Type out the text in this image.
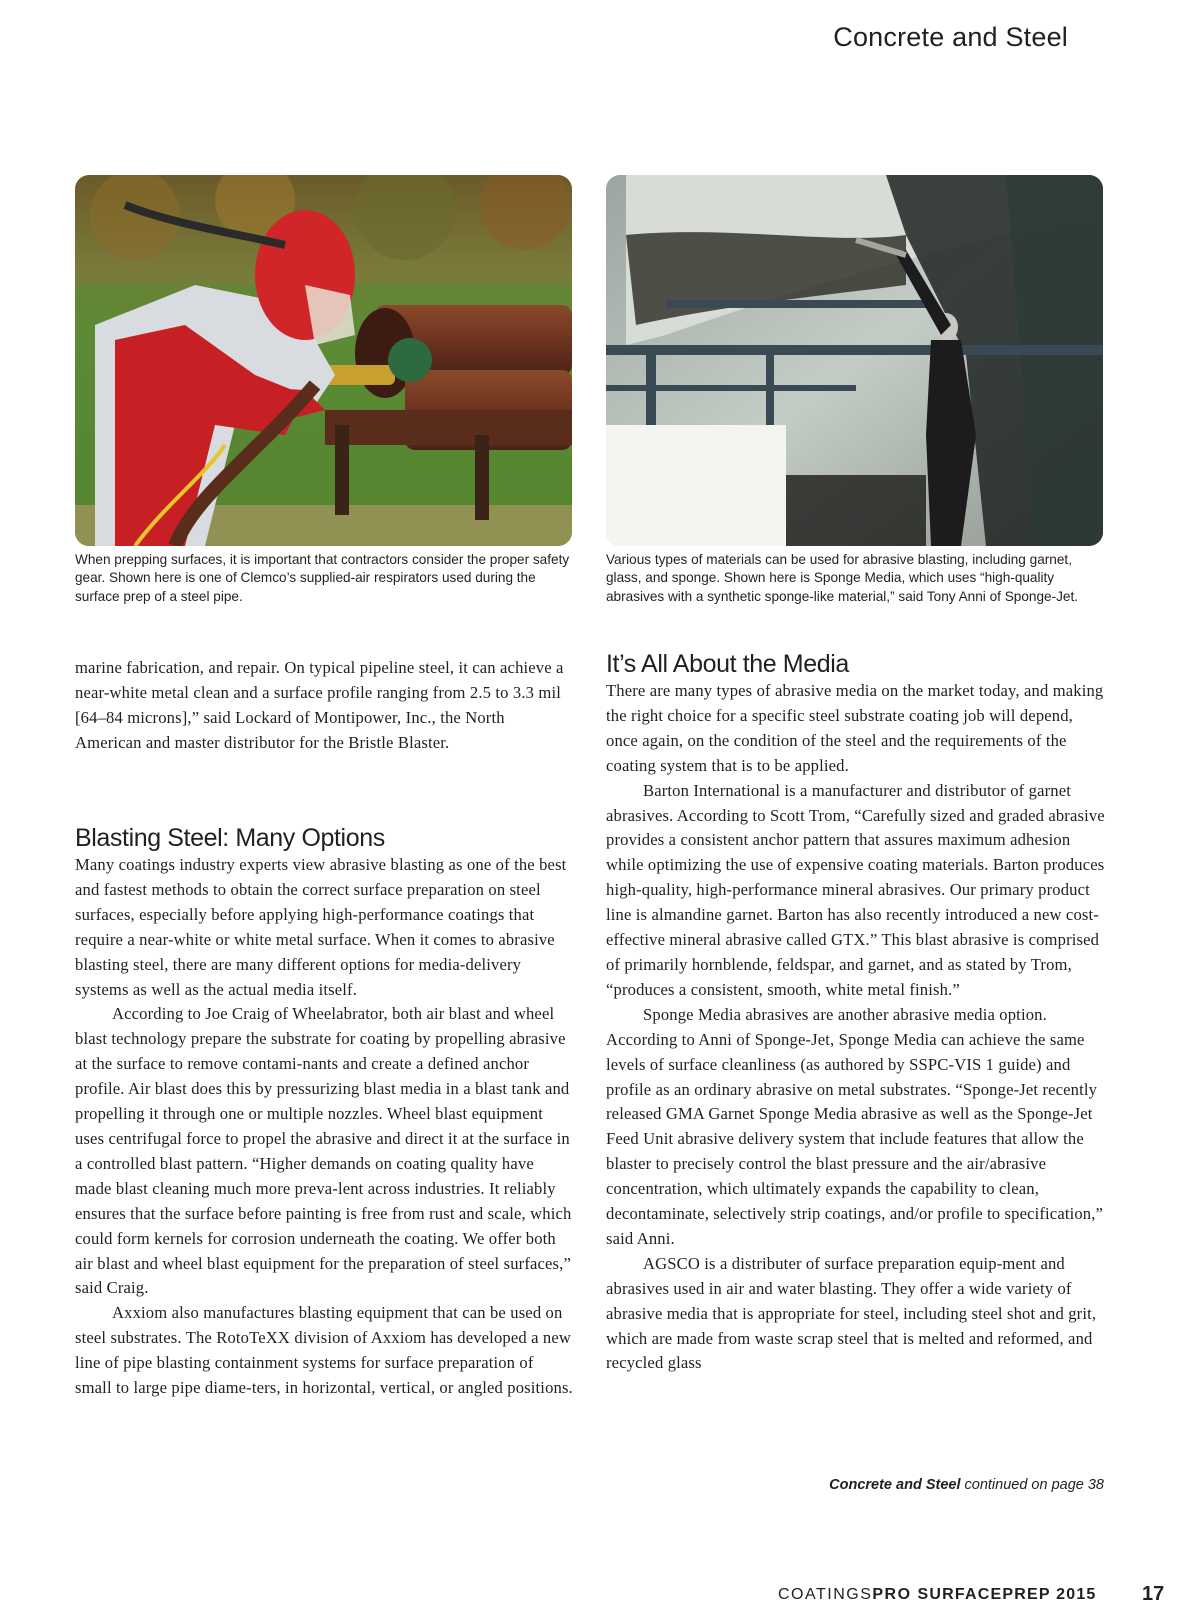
Concrete and Steel
When prepping surfaces, it is important that contractors consider the proper safety gear. Shown here is one of Clemco’s supplied-air respirators used during the surface prep of a steel pipe.
Various types of materials can be used for abrasive blasting, including garnet, glass, and sponge. Shown here is Sponge Media, which uses “high-quality abrasives with a synthetic sponge-like material,” said Tony Anni of Sponge-Jet.

marine fabrication, and repair. On typical pipeline steel, it can achieve a near-white metal clean and a surface profile ranging from 2.5 to 3.3 mil [64–84 microns],” said Lockard of Montipower, Inc., the North American and master distributor for the Bristle Blaster.

Blasting Steel: Many Options

Many coatings industry experts view abrasive blasting as one of the best and fastest methods to obtain the correct surface preparation on steel surfaces, especially before applying high-performance coatings that require a near-white or white metal surface. When it comes to abrasive blasting steel, there are many different options for media-delivery systems as well as the actual media itself.

According to Joe Craig of Wheelabrator, both air blast and wheel blast technology prepare the substrate for coating by propelling abrasive at the surface to remove contami-nants and create a defined anchor profile. Air blast does this by pressurizing blast media in a blast tank and propelling it through one or multiple nozzles. Wheel blast equipment uses centrifugal force to propel the abrasive and direct it at the surface in a controlled blast pattern. “Higher demands on coating quality have made blast cleaning much more preva-lent across industries. It reliably ensures that the surface before painting is free from rust and scale, which could form kernels for corrosion underneath the coating. We offer both air blast and wheel blast equipment for the preparation of steel surfaces,” said Craig.

Axxiom also manufactures blasting equipment that can be used on steel substrates. The RotoTeXX division of Axxiom has developed a new line of pipe blasting containment systems for surface preparation of small to large pipe diame-ters, in horizontal, vertical, or angled positions.

It’s All About the Media

There are many types of abrasive media on the market today, and making the right choice for a specific steel substrate coating job will depend, once again, on the condition of the steel and the requirements of the coating system that is to be applied.

Barton International is a manufacturer and distributor of garnet abrasives. According to Scott Trom, “Carefully sized and graded abrasive provides a consistent anchor pattern that assures maximum adhesion while optimizing the use of expensive coating materials. Barton produces high-quality, high-performance mineral abrasives. Our primary product line is almandine garnet. Barton has also recently introduced a new cost-effective mineral abrasive called GTX.” This blast abrasive is comprised of primarily hornblende, feldspar, and garnet, and as stated by Trom, “produces a consistent, smooth, white metal finish.”

Sponge Media abrasives are another abrasive media option. According to Anni of Sponge-Jet, Sponge Media can achieve the same levels of surface cleanliness (as authored by SSPC-VIS 1 guide) and profile as an ordinary abrasive on metal substrates. “Sponge-Jet recently released GMA Garnet Sponge Media abrasive as well as the Sponge-Jet Feed Unit abrasive delivery system that include features that allow the blaster to precisely control the blast pressure and the air/abrasive concentration, which ultimately expands the capability to clean, decontaminate, selectively strip coatings, and/or profile to specification,” said Anni.

AGSCO is a distributer of surface preparation equip-ment and abrasives used in air and water blasting. They offer a wide variety of abrasive media that is appropriate for steel, including steel shot and grit, which are made from waste scrap steel that is melted and reformed, and recycled glass

Concrete and Steel continued on page 38
COATINGSPRO SURFACEPREP 2015 17
